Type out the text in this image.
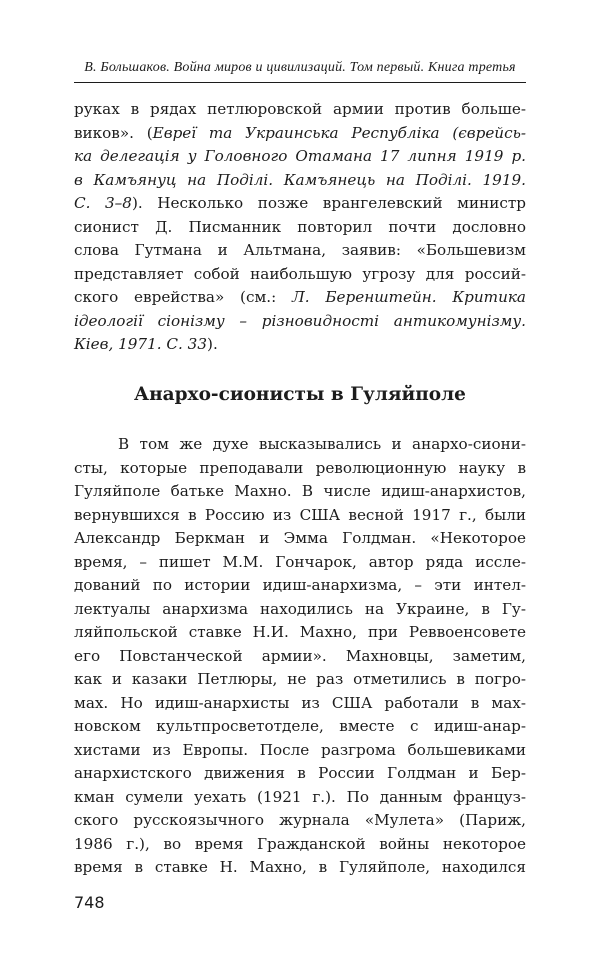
В. Большаков. Война миров и цивилизаций. Том первый. Книга третья
руках в рядах петлюровской армии против больше-
виков». (Евреї та Украинська Республіка (єврейсь-
ка делегація у Головного Отамана 17 липня 1919 р.
в Камъянуц на Поділі. Камъянець на Поділі. 1919.
С. 3–8). Несколько позже врангелевский министр
сионист Д. Писманник повторил почти дословно
слова Гутмана и Альтмана, заявив: «Большевизм
представляет собой наибольшую угрозу для россий-
ского еврейства» (см.: Л. Беренштейн. Критика
ідеології сіонізму – різновидності антикомунізму.
Кіев, 1971. С. 33).
Анархо-сионисты в Гуляйполе
В том же духе высказывались и анархо-сиони-
сты, которые преподавали революционную науку в
Гуляйполе батьке Махно. В числе идиш-анархистов,
вернувшихся в Россию из США весной 1917 г., были
Александр Беркман и Эмма Голдман. «Некоторое
время, – пишет М.М. Гончарок, автор ряда иссле-
дований по истории идиш-анархизма, – эти интел-
лектуалы анархизма находились на Украине, в Гу-
ляйпольской ставке Н.И. Махно, при Реввоенсовете
его Повстанческой армии». Махновцы, заметим,
как и казаки Петлюры, не раз отметились в погро-
мах. Но идиш-анархисты из США работали в мах-
новском культпросветотделе, вместе с идиш-анар-
хистами из Европы. После разгрома большевиками
анархистского движения в России Голдман и Бер-
кман сумели уехать (1921 г.). По данным француз-
ского русскоязычного журнала «Мулета» (Париж,
1986 г.), во время Гражданской войны некоторое
время в ставке Н. Махно, в Гуляйполе, находился
748
